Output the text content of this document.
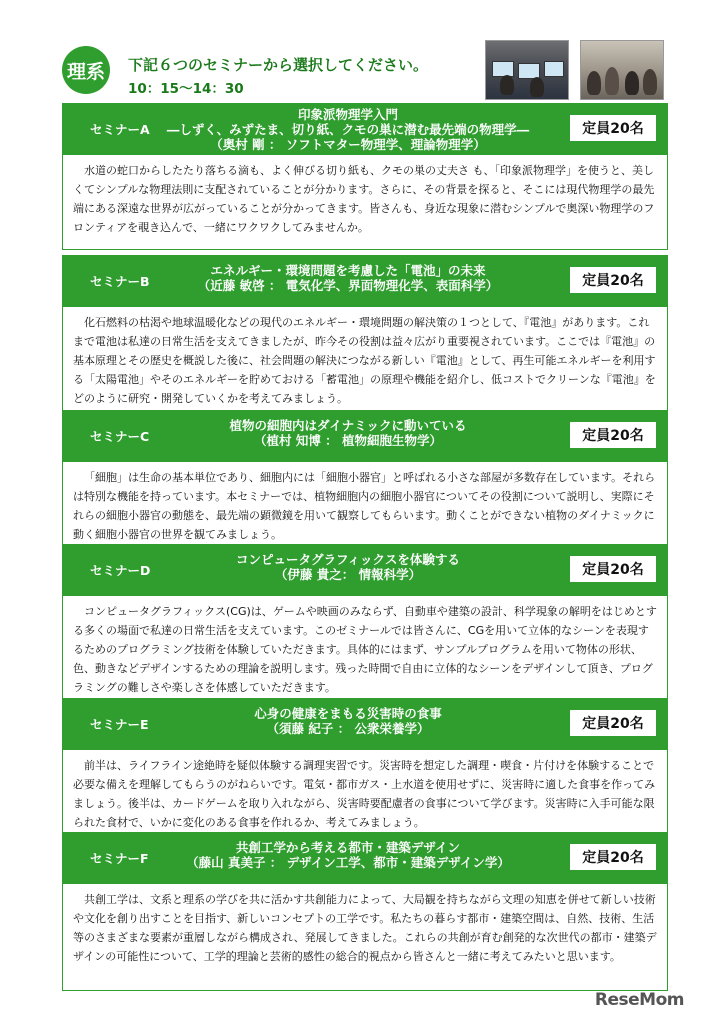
理系	下記６つのセミナーから選択してください。
10：15〜14：30
セミナーA
印象派物理学入門
―しずく、みずたま、切り紙、クモの巣に潜む最先端の物理学―
（奥村 剛 ： ソフトマター物理学、理論物理学）
定員20名
水道の蛇口からしたたり落ちる滴も、よく伸びる切り紙も、クモの巣の丈夫さ も、「印象派物理学」を使うと、美しくてシンプルな物理法則に支配されていることが分かります。さらに、その背景を探ると、そこには現代物理学の最先端にある深遠な世界が広がっていることが分かってきます。皆さんも、身近な現象に潜むシンプルで奥深い物理学のフロンティアを覗き込んで、一緒にワクワクしてみませんか。
セミナーB
エネルギー・環境問題を考慮した「電池」の未来
（近藤 敏啓 ： 電気化学、界面物理化学、表面科学）	定員20名
化石燃料の枯渇や地球温暖化などの現代のエネルギー・環境問題の解決策の１つとして、『電池』があります。これまで電池は私達の日常生活を支えてきましたが、昨今その役割は益々広がり重要視されています。ここでは『電池』の基本原理とその歴史を概説した後に、社会問題の解決につながる新しい『電池』として、再生可能エネルギーを利用する「太陽電池」やそのエネルギーを貯めておける「蓄電池」の原理や機能を紹介し、低コストでクリーンな『電池』をどのように研究・開発していくかを考えてみましょう。
セミナーC
植物の細胞内はダイナミックに動いている
（植村 知博 ： 植物細胞生物学）	定員20名
「細胞」は生命の基本単位であり、細胞内には「細胞小器官」と呼ばれる小さな部屋が多数存在しています。それらは特別な機能を持っています。本セミナーでは、植物細胞内の細胞小器官についてその役割について説明し、実際にそれらの細胞小器官の動態を、最先端の顕微鏡を用いて観察してもらいます。動くことができない植物のダイナミックに動く細胞小器官の世界を観てみましょう。
セミナーD
コンピュータグラフィックスを体験する
（伊藤 貴之： 情報科学）	定員20名
コンピュータグラフィックス(CG)は、ゲームや映画のみならず、自動車や建築の設計、科学現象の解明をはじめとする多くの場面で私達の日常生活を支えています。このゼミナールでは皆さんに、CGを用いて立体的なシーンを表現するためのプログラミング技術を体験していただきます。具体的にはまず、サンプルプログラムを用いて物体の形状、色、動きなどデザインするための理論を説明します。残った時間で自由に立体的なシーンをデザインして頂き、プログラミングの難しさや楽しさを体感していただきます。
セミナーE
心身の健康をまもる災害時の食事
（須藤 紀子 ： 公衆栄養学）	定員20名
前半は、ライフライン途絶時を疑似体験する調理実習です。災害時を想定した調理・喫食・片付けを体験することで必要な備えを理解してもらうのがねらいです。電気・都市ガス・上水道を使用せずに、災害時に適した食事を作ってみましょう。後半は、カードゲームを取り入れながら、災害時要配慮者の食事について学びます。災害時に入手可能な限られた食材で、いかに変化のある食事を作れるか、考えてみましょう。
セミナーF
共創工学から考える都市・建築デザイン
（藤山 真美子 ： デザイン工学、都市・建築デザイン学）	定員20名
共創工学は、文系と理系の学びを共に活かす共創能力によって、大局観を持ちながら文理の知恵を併せて新しい技術や文化を創り出すことを目指す、新しいコンセプトの工学です。私たちの暮らす都市・建築空間は、自然、技術、生活等のさまざまな要素が重層しながら構成され、発展してきました。これらの共創が育む創発的な次世代の都市・建築デザインの可能性について、工学的理論と芸術的感性の総合的視点から皆さんと一緒に考えてみたいと思います。
ReseMom
